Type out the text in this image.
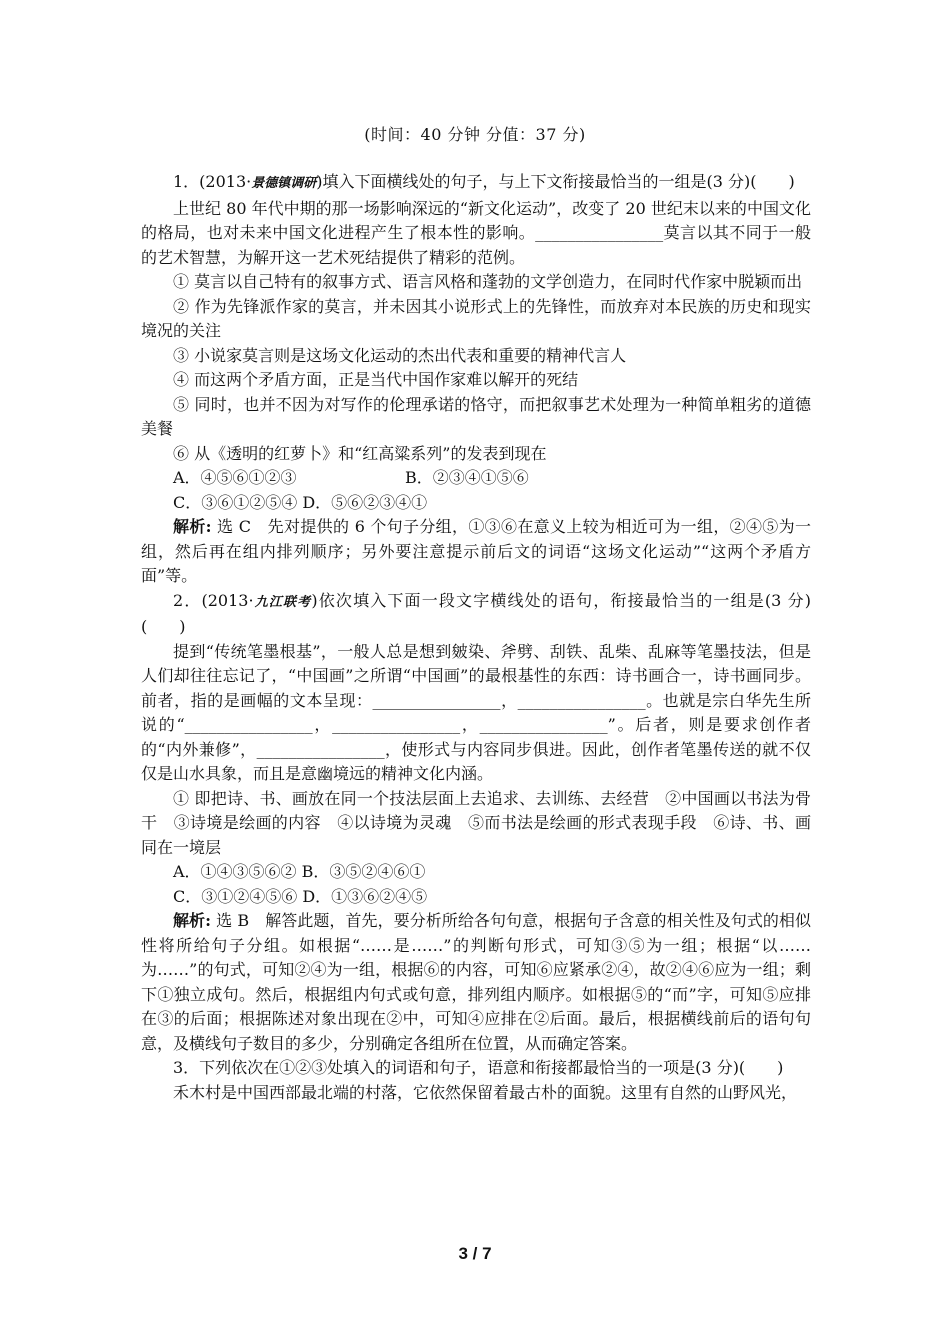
(时间：40 分钟 分值：37 分)

1．(2013·景德镇调研)填入下面横线处的句子，与上下文衔接最恰当的一组是(3 分)(　　)

上世纪 80 年代中期的那一场影响深远的“新文化运动”，改变了 20 世纪末以来的中国文化的格局，也对未来中国文化进程产生了根本性的影响。________________莫言以其不同于一般的艺术智慧，为解开这一艺术死结提供了精彩的范例。

① 莫言以自己特有的叙事方式、语言风格和蓬勃的文学创造力，在同时代作家中脱颖而出

② 作为先锋派作家的莫言，并未因其小说形式上的先锋性，而放弃对本民族的历史和现实境况的关注

③ 小说家莫言则是这场文化运动的杰出代表和重要的精神代言人

④ 而这两个矛盾方面，正是当代中国作家难以解开的死结

⑤ 同时，也并不因为对写作的伦理承诺的恪守，而把叙事艺术处理为一种简单粗劣的道德美餐

⑥ 从《透明的红萝卜》和“红高粱系列”的发表到现在

A．④⑤⑥①②③	B．②③④①⑤⑥

C．③⑥①②⑤④ D．⑤⑥②③④①

解析: 选 C　先对提供的 6 个句子分组，①③⑥在意义上较为相近可为一组，②④⑤为一组，然后再在组内排列顺序；另外要注意提示前后文的词语“这场文化运动”“这两个矛盾方面”等。

2．(2013·九江联考)依次填入下面一段文字横线处的语句，衔接最恰当的一组是(3 分)(　　)

提到“传统笔墨根基”，一般人总是想到皴染、斧劈、刮铁、乱柴、乱麻等笔墨技法，但是人们却往往忘记了，“中国画”之所谓“中国画”的最根基性的东西：诗书画合一，诗书画同步。前者，指的是画幅的文本呈现：________________，________________。也就是宗白华先生所说的“________________，________________，________________”。后者，则是要求创作者的“内外兼修”，________________，使形式与内容同步俱进。因此，创作者笔墨传送的就不仅仅是山水具象，而且是意幽境远的精神文化内涵。

① 即把诗、书、画放在同一个技法层面上去追求、去训练、去经营　②中国画以书法为骨干　③诗境是绘画的内容　④以诗境为灵魂　⑤而书法是绘画的形式表现手段　⑥诗、书、画同在一境层

A．①④③⑤⑥② B．③⑤②④⑥①

C．③①②④⑤⑥ D．①③⑥②④⑤

解析: 选 B　解答此题，首先，要分析所给各句句意，根据句子含意的相关性及句式的相似性将所给句子分组。如根据“……是……”的判断句形式，可知③⑤为一组；根据“以……为……”的句式，可知②④为一组，根据⑥的内容，可知⑥应紧承②④，故②④⑥应为一组；剩下①独立成句。然后，根据组内句式或句意，排列组内顺序。如根据⑤的“而”字，可知⑤应排在③的后面；根据陈述对象出现在②中，可知④应排在②后面。最后，根据横线前后的语句句意，及横线句子数目的多少，分别确定各组所在位置，从而确定答案。

3．下列依次在①②③处填入的词语和句子，语意和衔接都最恰当的一项是(3 分)(　　)

禾木村是中国西部最北端的村落，它依然保留着最古朴的面貌。这里有自然的山野风光，

3 / 7
